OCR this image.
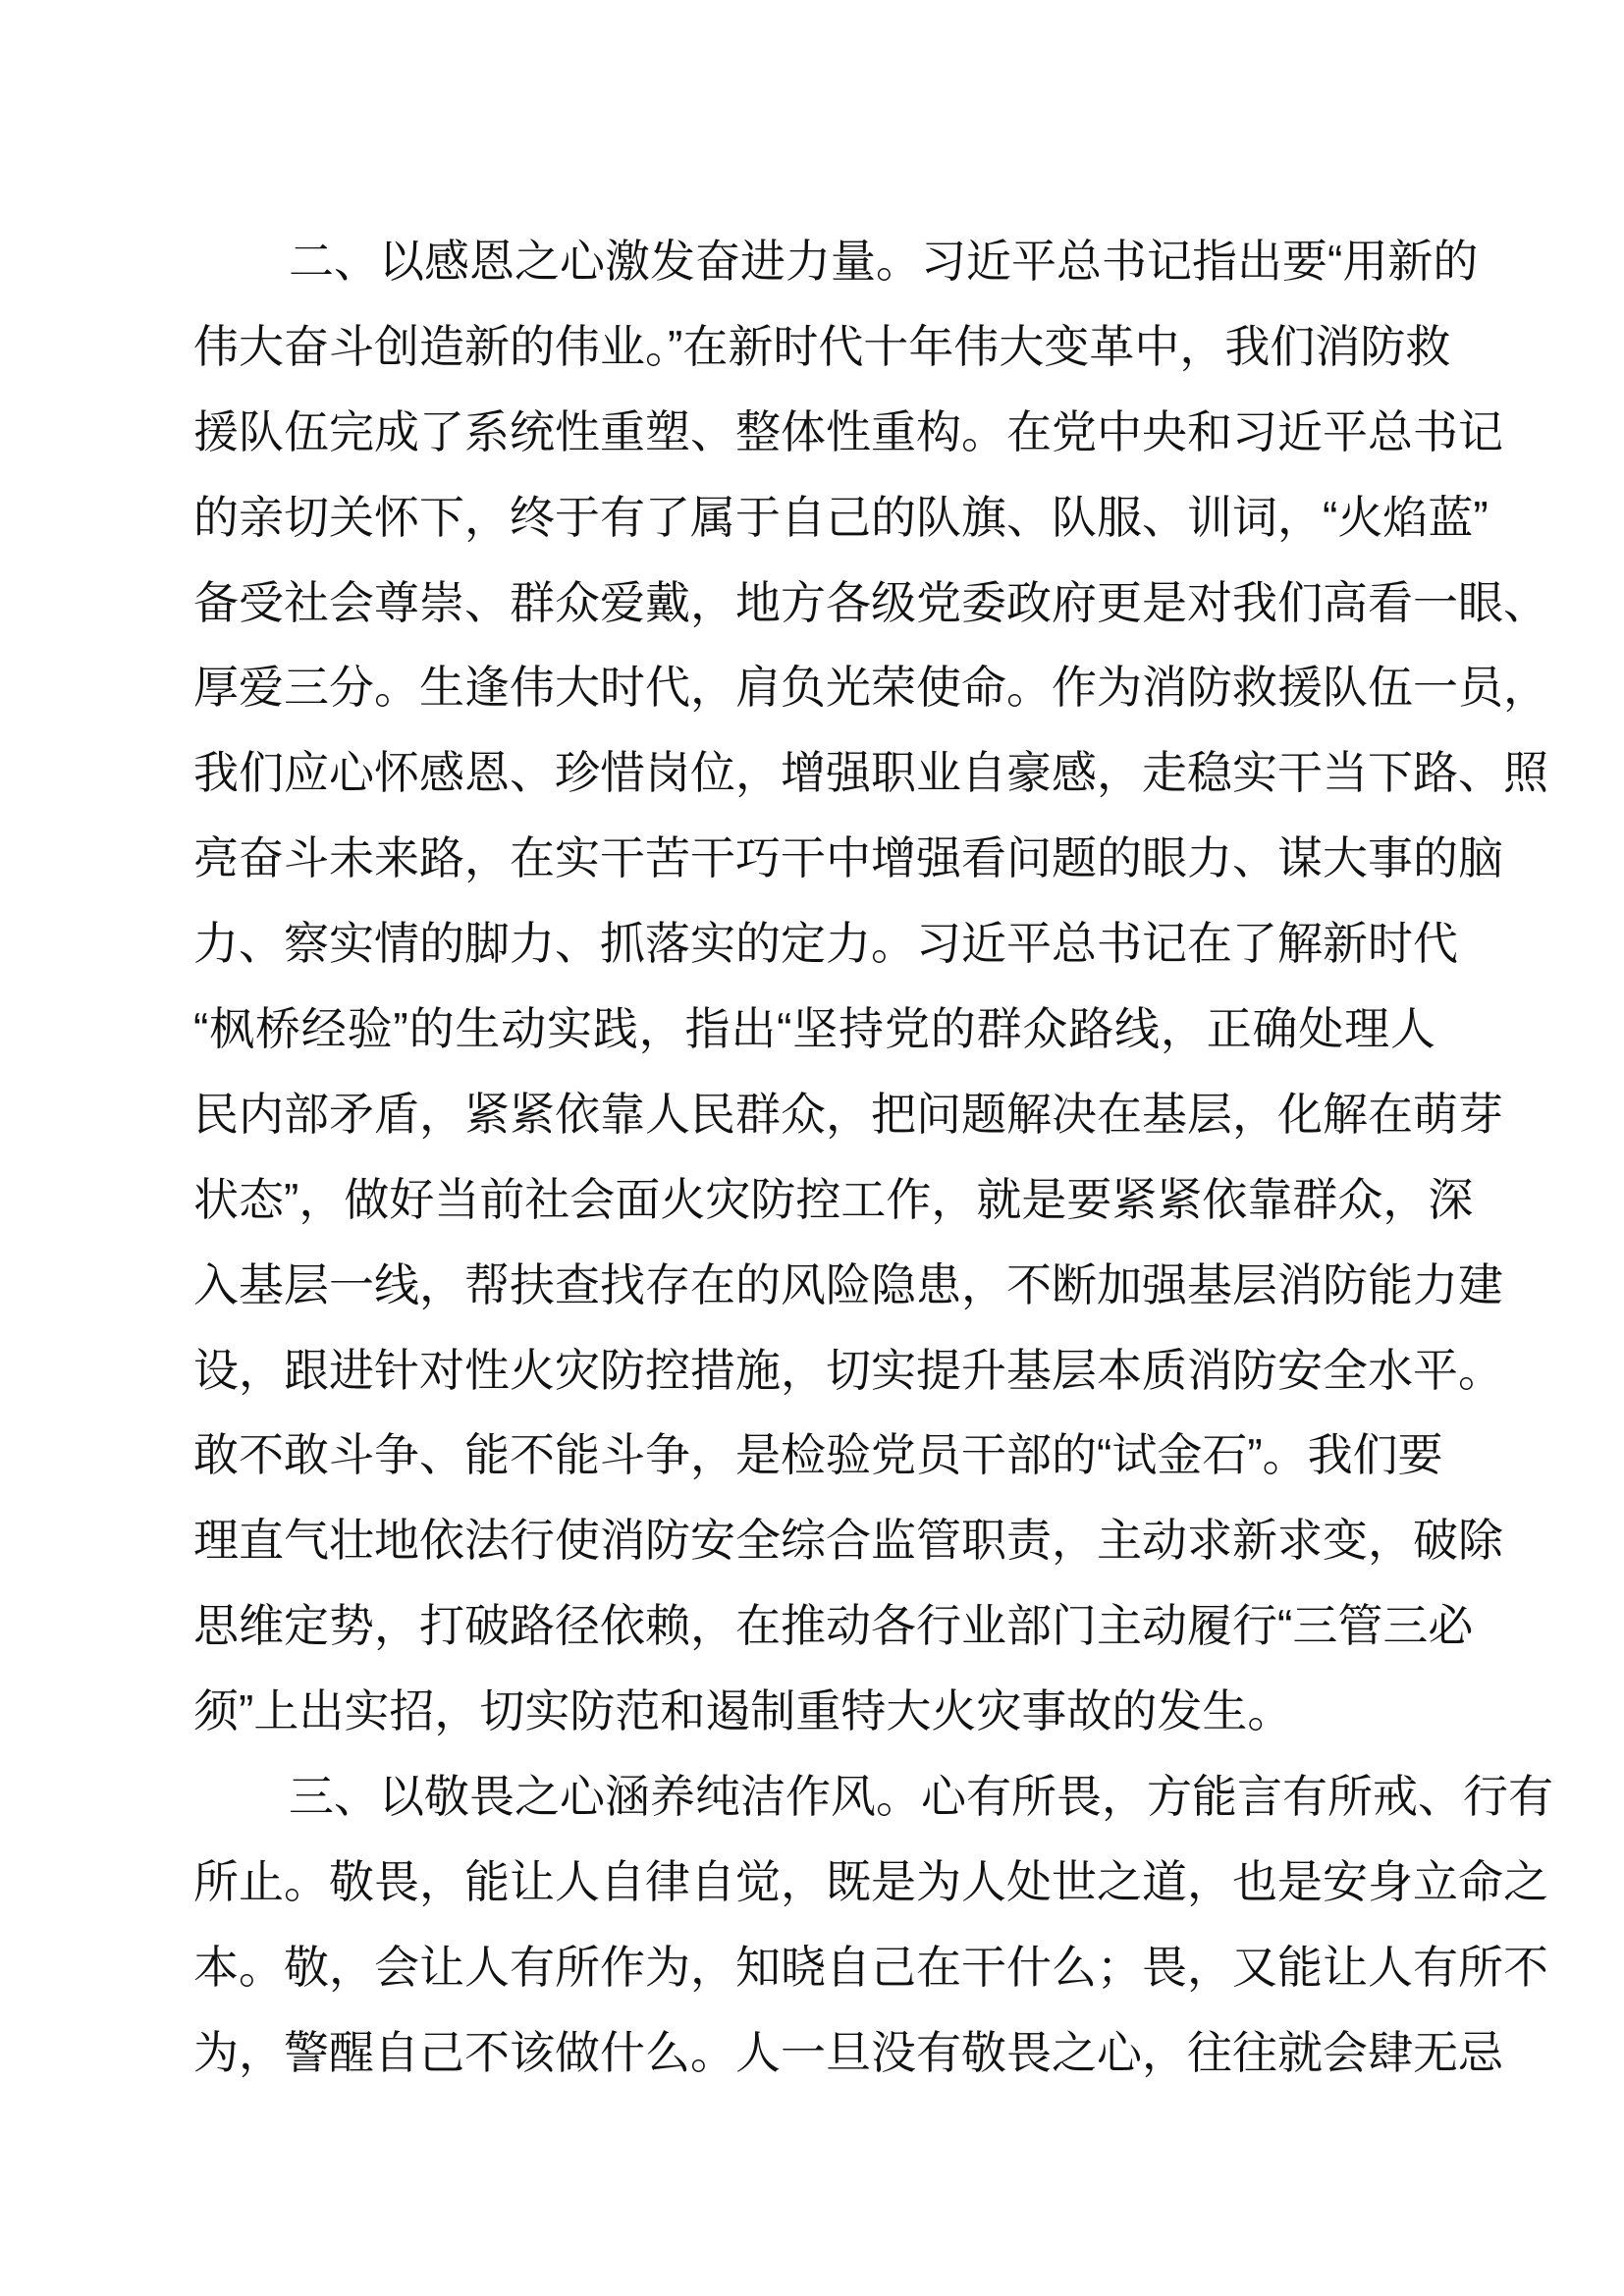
二、以感恩之心激发奋进力量。习近平总书记指出要“用新的
伟大奋斗创造新的伟业。”在新时代十年伟大变革中，我们消防救
援队伍完成了系统性重塑、整体性重构。在党中央和习近平总书记
的亲切关怀下，终于有了属于自己的队旗、队服、训词，“火焰蓝”
备受社会尊崇、群众爱戴，地方各级党委政府更是对我们高看一眼、
厚爱三分。生逢伟大时代，肩负光荣使命。作为消防救援队伍一员，
我们应心怀感恩、珍惜岗位，增强职业自豪感，走稳实干当下路、照
亮奋斗未来路，在实干苦干巧干中增强看问题的眼力、谋大事的脑
力、察实情的脚力、抓落实的定力。习近平总书记在了解新时代
“枫桥经验”的生动实践，指出“坚持党的群众路线，正确处理人
民内部矛盾，紧紧依靠人民群众，把问题解决在基层，化解在萌芽
状态”，做好当前社会面火灾防控工作，就是要紧紧依靠群众，深
入基层一线，帮扶查找存在的风险隐患，不断加强基层消防能力建
设，跟进针对性火灾防控措施，切实提升基层本质消防安全水平。
敢不敢斗争、能不能斗争，是检验党员干部的“试金石”。我们要
理直气壮地依法行使消防安全综合监管职责，主动求新求变，破除
思维定势，打破路径依赖，在推动各行业部门主动履行“三管三必
须”上出实招，切实防范和遏制重特大火灾事故的发生。
三、以敬畏之心涵养纯洁作风。心有所畏，方能言有所戒、行有
所止。敬畏，能让人自律自觉，既是为人处世之道，也是安身立命之
本。敬，会让人有所作为，知晓自己在干什么；畏，又能让人有所不
为，警醒自己不该做什么。人一旦没有敬畏之心，往往就会肆无忌
